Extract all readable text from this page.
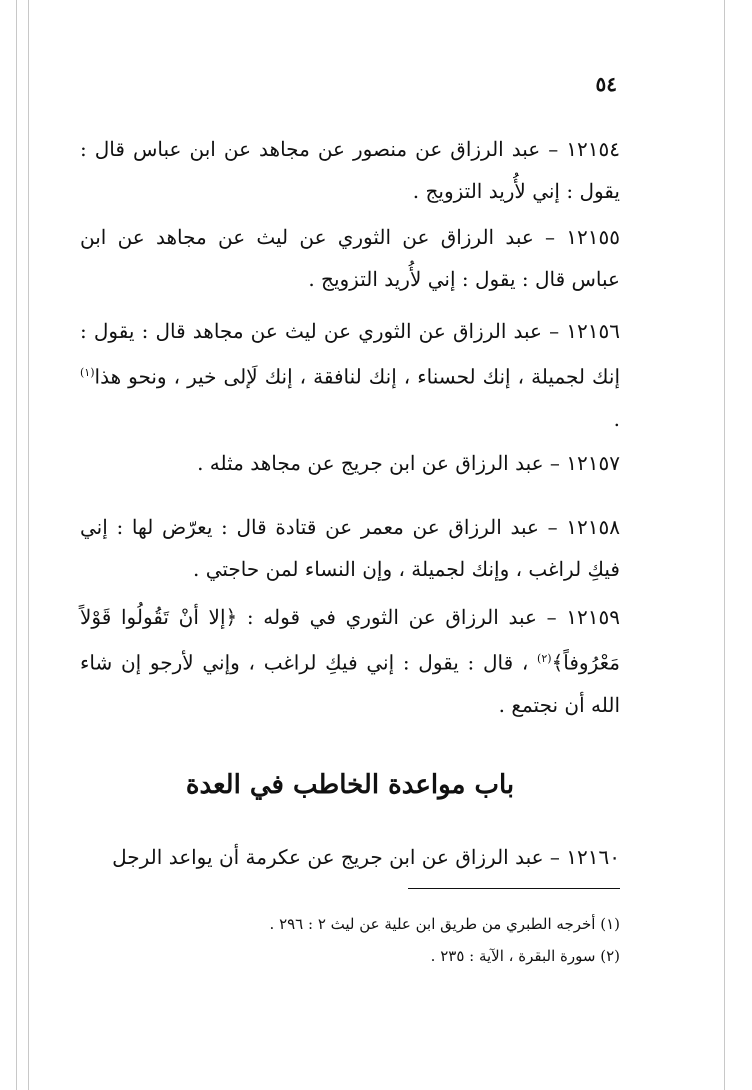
٥٤
١٢١٥٤ – عبد الرزاق عن منصور عن مجاهد عن ابن عباس قال : يقول : إني لأُريد التزويج .
١٢١٥٥ – عبد الرزاق عن الثوري عن ليث عن مجاهد عن ابن عباس قال : يقول : إني لأُريد التزويج .
١٢١٥٦ – عبد الرزاق عن الثوري عن ليث عن مجاهد قال : يقول : إنك لجميلة ، إنك لحسناء ، إنك لنافقة ، إنك لَإلى خير ، ونحو هذا$^{(١)}$ .
١٢١٥٧ – عبد الرزاق عن ابن جريج عن مجاهد مثله .
١٢١٥٨ – عبد الرزاق عن معمر عن قتادة قال : يعرّض لها : إني فيكِ لراغب ، وإنك لجميلة ، وإن النساء لمن حاجتي .
١٢١٥٩ – عبد الرزاق عن الثوري في قوله : ﴿إلا أنْ تَقُولُوا قَوْلاً مَعْرُوفاً﴾$^{(٢)}$ ، قال : يقول : إني فيكِ لراغب ، وإني لأرجو إن شاء الله أن نجتمع .
باب مواعدة الخاطب في العدة
١٢١٦٠ – عبد الرزاق عن ابن جريج عن عكرمة أن يواعد الرجل
(١) أخرجه الطبري من طريق ابن علية عن ليث ٢ : ٢٩٦ .
(٢) سورة البقرة ، الآية : ٢٣٥ .
